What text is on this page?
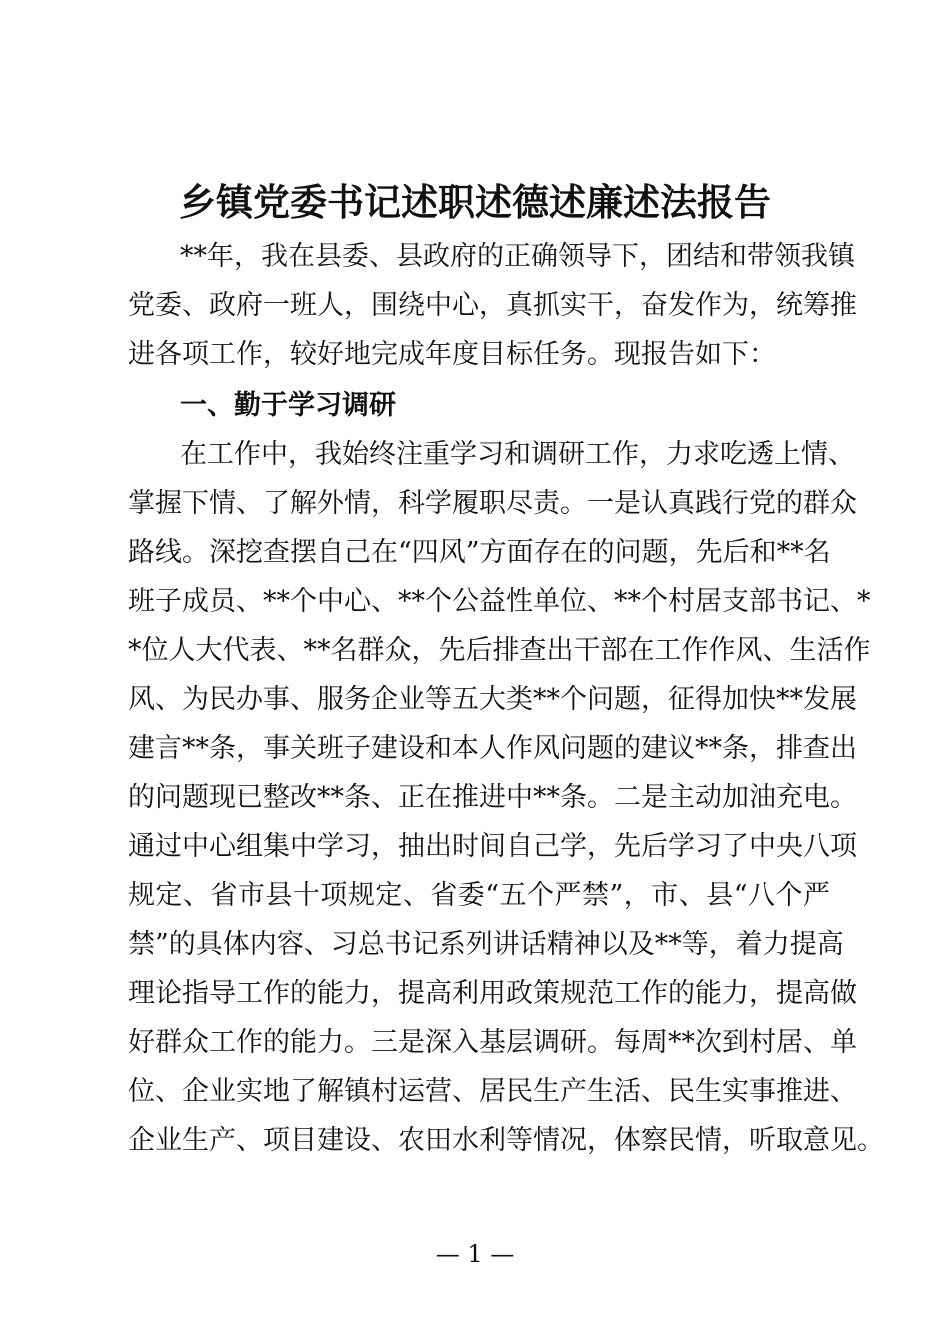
乡镇党委书记述职述德述廉述法报告
**年，我在县委、县政府的正确领导下，团结和带领我镇
党委、政府一班人，围绕中心，真抓实干，奋发作为，统筹推
进各项工作，较好地完成年度目标任务。现报告如下：
一、勤于学习调研
在工作中，我始终注重学习和调研工作，力求吃透上情、
掌握下情、了解外情，科学履职尽责。一是认真践行党的群众
路线。深挖查摆自己在“四风”方面存在的问题，先后和**名
班子成员、**个中心、**个公益性单位、**个村居支部书记、*
*位人大代表、**名群众，先后排查出干部在工作作风、生活作
风、为民办事、服务企业等五大类**个问题，征得加快**发展
建言**条，事关班子建设和本人作风问题的建议**条，排查出
的问题现已整改**条、正在推进中**条。二是主动加油充电。
通过中心组集中学习，抽出时间自己学，先后学习了中央八项
规定、省市县十项规定、省委“五个严禁”，市、县“八个严
禁”的具体内容、习总书记系列讲话精神以及**等，着力提高
理论指导工作的能力，提高利用政策规范工作的能力，提高做
好群众工作的能力。三是深入基层调研。每周**次到村居、单
位、企业实地了解镇村运营、居民生产生活、民生实事推进、
企业生产、项目建设、农田水利等情况，体察民情，听取意见。
— 1 —
